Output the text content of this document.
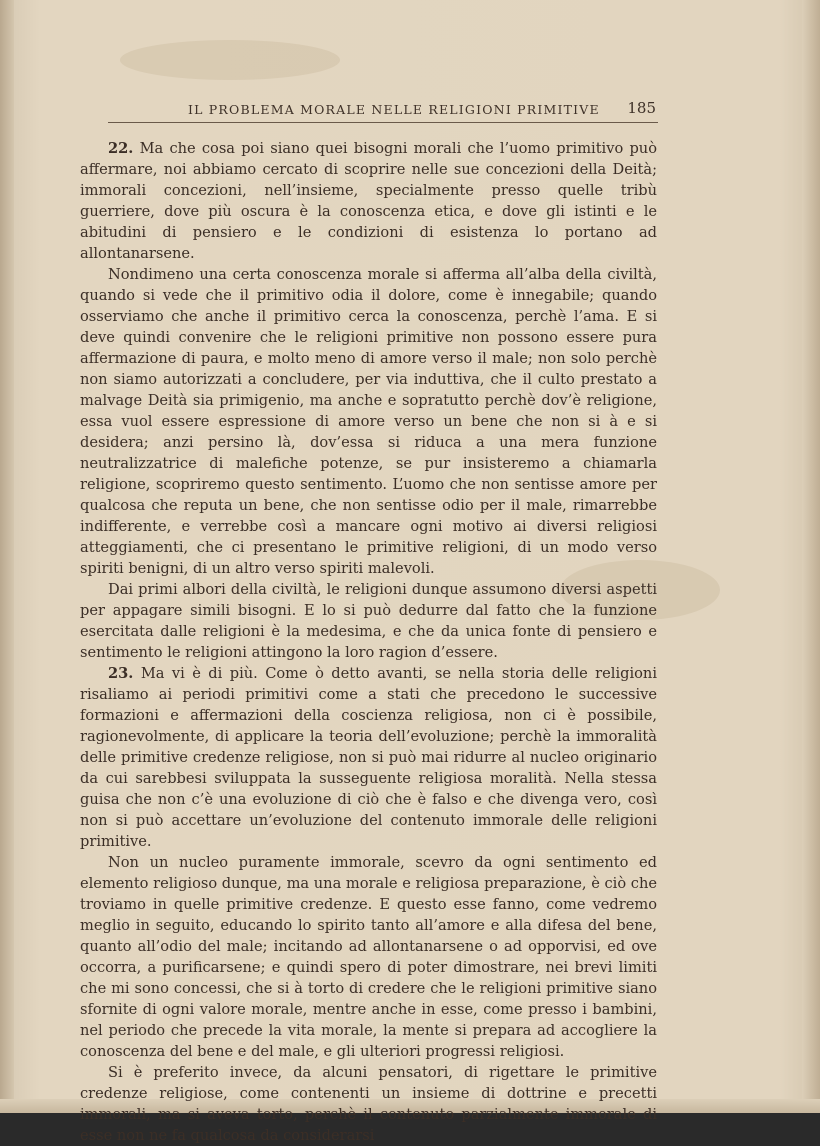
IL PROBLEMA MORALE NELLE RELIGIONI PRIMITIVE 185

22. Ma che cosa poi siano quei bisogni morali che l’uomo primitivo può affermare, noi abbiamo cercato di scoprire nelle sue concezioni della Deità; immorali concezioni, nell’insieme, specialmente presso quelle tribù guerriere, dove più oscura è la conoscenza etica, e dove gli istinti e le abitudini di pensiero e le condizioni di esistenza lo portano ad allontanarsene.

Nondimeno una certa conoscenza morale si afferma all’alba della civiltà, quando si vede che il primitivo odia il dolore, come è innegabile; quando osserviamo che anche il primitivo cerca la conoscenza, perchè l’ama. E si deve quindi convenire che le religioni primitive non possono essere pura affermazione di paura, e molto meno di amore verso il male; non solo perchè non siamo autorizzati a concludere, per via induttiva, che il culto prestato a malvage Deità sia primigenio, ma anche e sopratutto perchè dov’è religione, essa vuol essere espressione di amore verso un bene che non si à e si desidera; anzi persino là, dov’essa si riduca a una mera funzione neutralizzatrice di malefiche potenze, se pur insisteremo a chiamarla religione, scopriremo questo sentimento. L’uomo che non sentisse amore per qualcosa che reputa un bene, che non sentisse odio per il male, rimarrebbe indifferente, e verrebbe così a mancare ogni motivo ai diversi religiosi atteggiamenti, che ci presentano le primitive religioni, di un modo verso spiriti benigni, di un altro verso spiriti malevoli.

Dai primi albori della civiltà, le religioni dunque assumono diversi aspetti per appagare simili bisogni. E lo si può dedurre dal fatto che la funzione esercitata dalle religioni è la medesima, e che da unica fonte di pensiero e sentimento le religioni attingono la loro ragion d’essere.

23. Ma vi è di più. Come ò detto avanti, se nella storia delle religioni risaliamo ai periodi primitivi come a stati che precedono le successive formazioni e affermazioni della coscienza religiosa, non ci è possibile, ragionevolmente, di applicare la teoria dell’evoluzione; perchè la immoralità delle primitive credenze religiose, non si può mai ridurre al nucleo originario da cui sarebbesi sviluppata la susseguente religiosa moralità. Nella stessa guisa che non c’è una evoluzione di ciò che è falso e che divenga vero, così non si può accettare un’evoluzione del contenuto immorale delle religioni primitive.

Non un nucleo puramente immorale, scevro da ogni sentimento ed elemento religioso dunque, ma una morale e religiosa preparazione, è ciò che troviamo in quelle primitive credenze. E questo esse fanno, come vedremo meglio in seguito, educando lo spirito tanto all’amore e alla difesa del bene, quanto all’odio del male; incitando ad allontanarsene o ad opporvisi, ed ove occorra, a purificarsene; e quindi spero di poter dimostrare, nei brevi limiti che mi sono concessi, che si à torto di credere che le religioni primitive siano sfornite di ogni valore morale, mentre anche in esse, come presso i bambini, nel periodo che precede la vita morale, la mente si prepara ad accogliere la conoscenza del bene e del male, e gli ulteriori progressi religiosi.

Si è preferito invece, da alcuni pensatori, di rigettare le primitive credenze religiose, come contenenti un insieme di dottrine e precetti immorali, ma si aveva torto, perchè il contenuto parzialmente immorale di esse non ne fa qualcosa da considerarsi
